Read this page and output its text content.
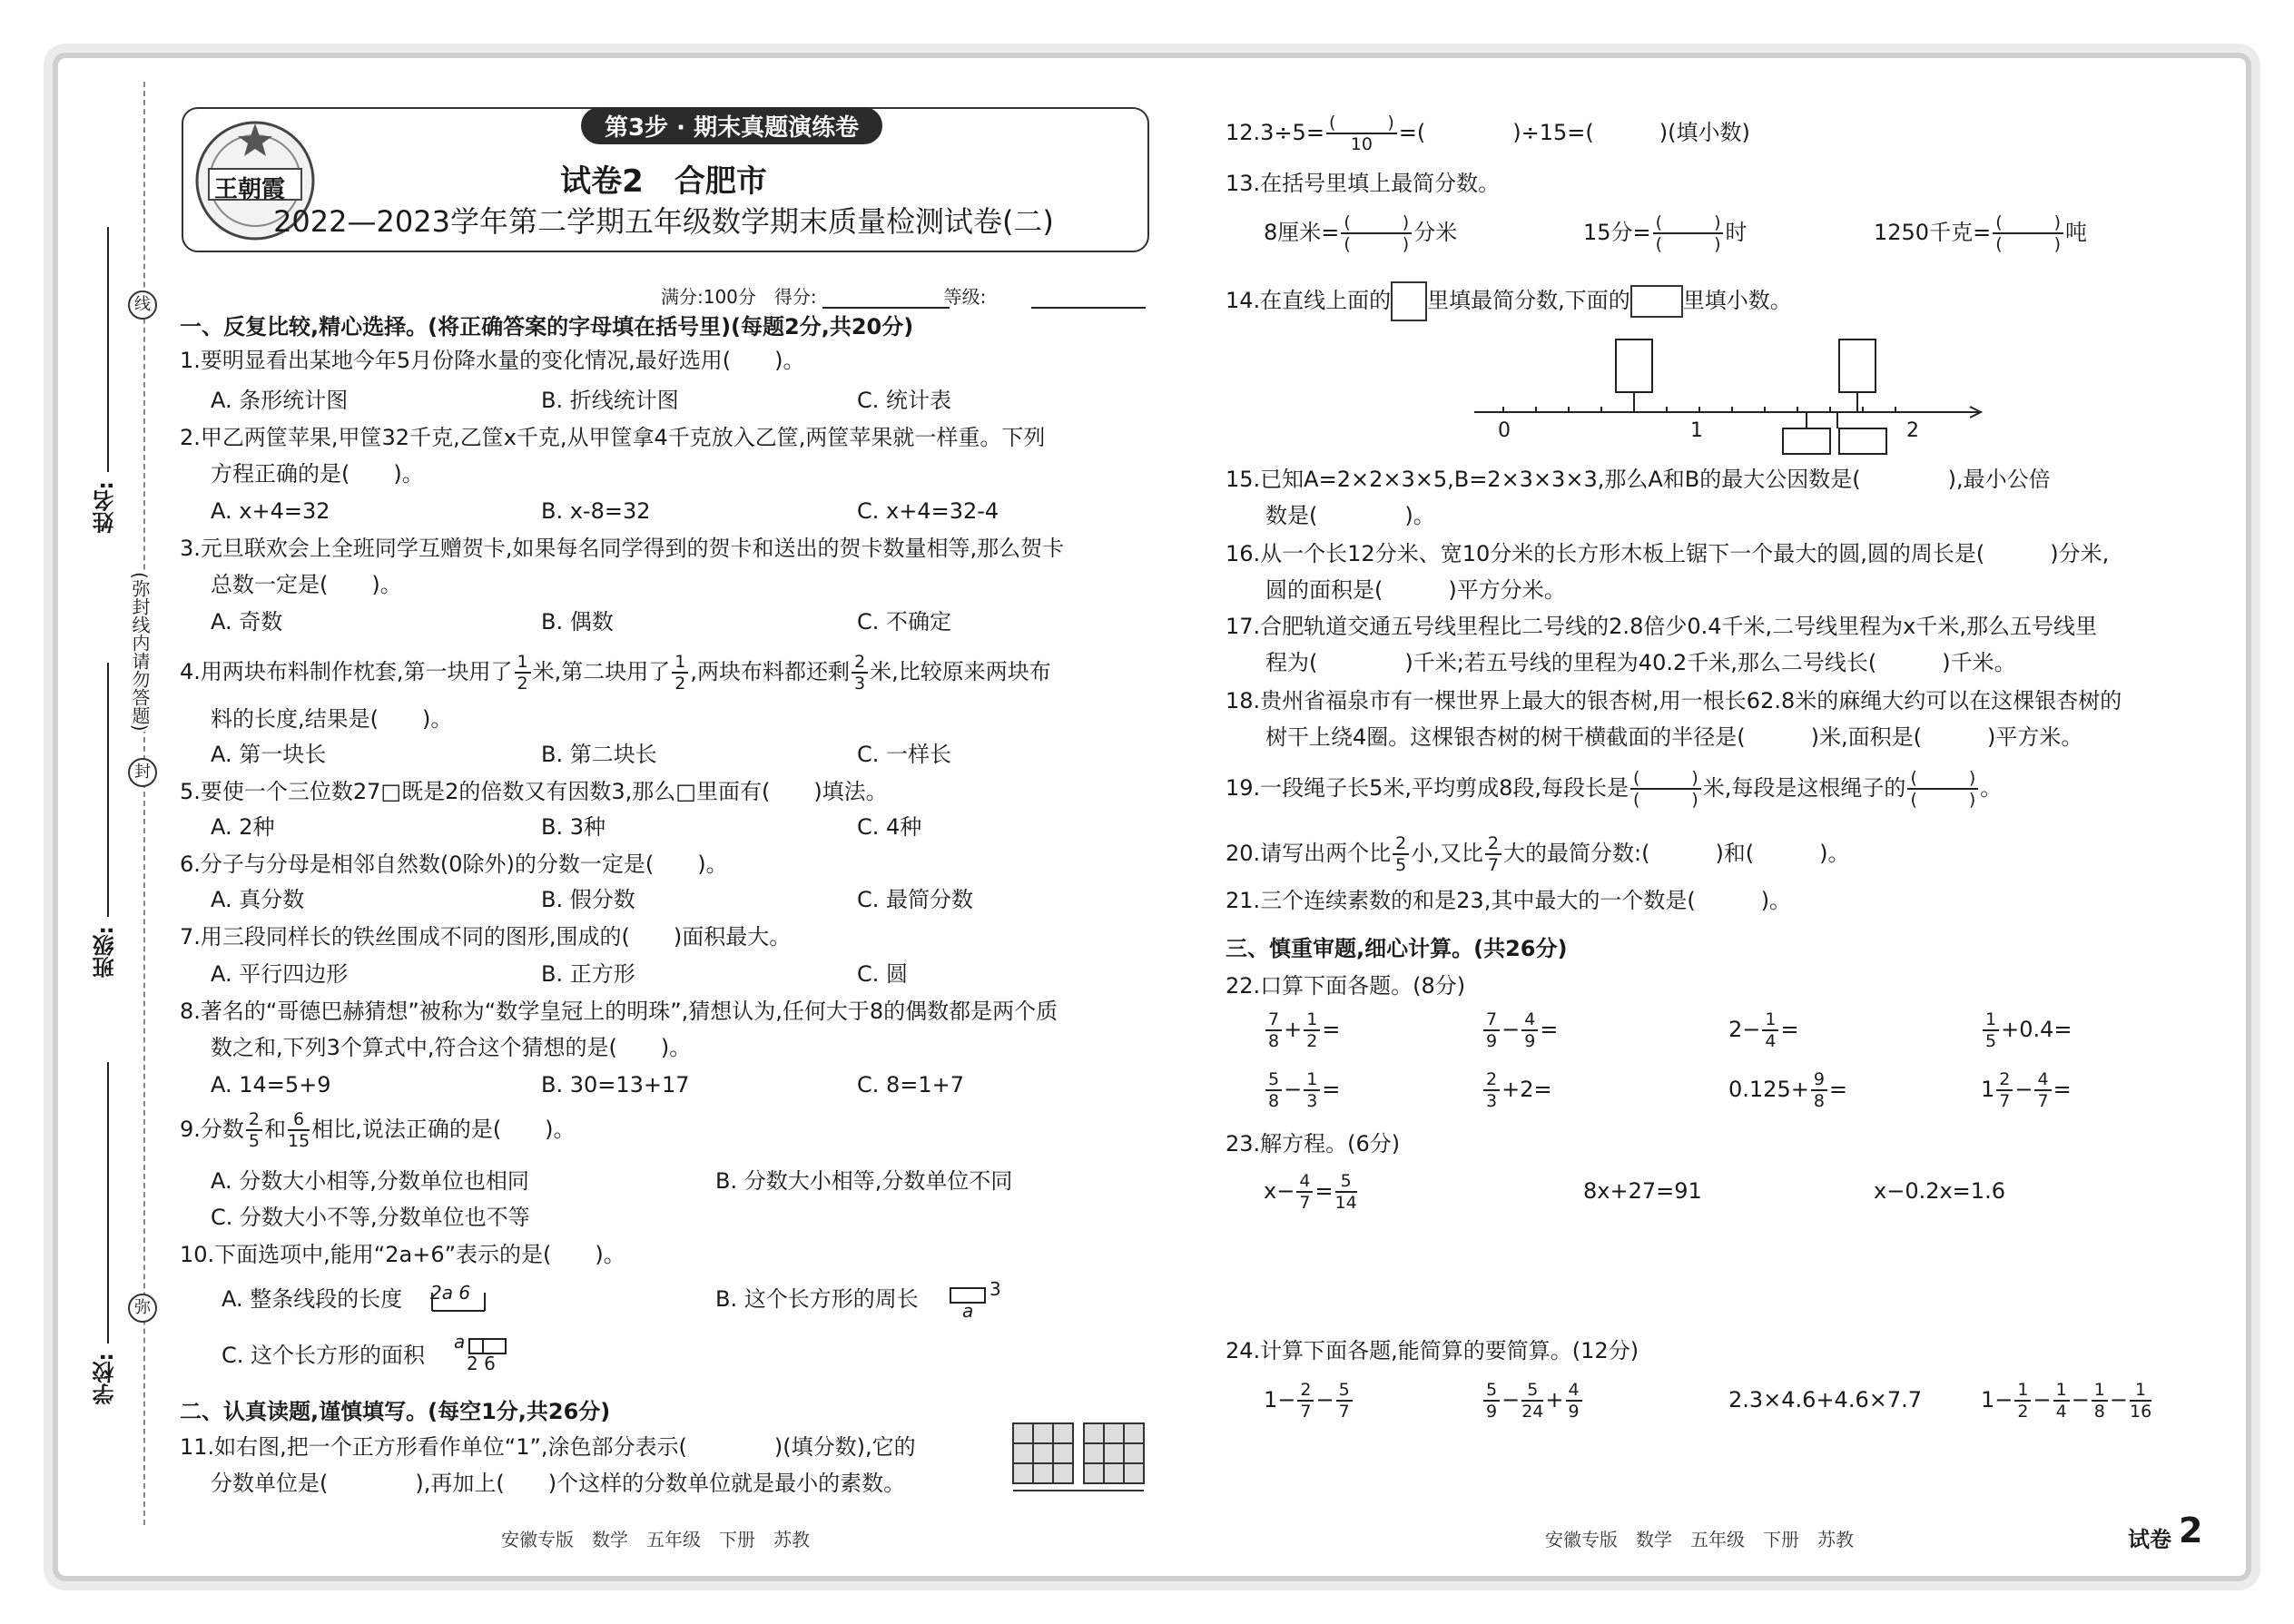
姓名:
班级:
学校:
线
封
弥
(弥封线内请勿答题)
王朝霞
第3步 · 期末真题演练卷
试卷2　合肥市
2022—2023学年第二学期五年级数学期末质量检测试卷(二)
满分:100分　得分:　　　　　　　等级:
一、反复比较,精心选择。(将正确答案的字母填在括号里)(每题2分,共20分)
1.要明显看出某地今年5月份降水量的变化情况,最好选用(　　)。
A. 条形统计图	B. 折线统计图	C. 统计表
2.甲乙两筐苹果,甲筐32千克,乙筐x千克,从甲筐拿4千克放入乙筐,两筐苹果就一样重。下列
方程正确的是(　　)。
A. x+4=32	B. x-8=32	C. x+4=32-4
3.元旦联欢会上全班同学互赠贺卡,如果每名同学得到的贺卡和送出的贺卡数量相等,那么贺卡
总数一定是(　　)。
A. 奇数	B. 偶数	C. 不确定
4.用两块布料制作枕套,第一块用了 $\frac{1}{2}$ 米,第二块用了 $\frac{1}{2}$ ,两块布料都还剩 $\frac{2}{3}$ 米,比较原来两块布
料的长度,结果是(　　)。
A. 第一块长	B. 第二块长	C. 一样长
5.要使一个三位数27□既是2的倍数又有因数3,那么□里面有(　　)填法。
A. 2种	B. 3种	C. 4种
6.分子与分母是相邻自然数(0除外)的分数一定是(　　)。
A. 真分数	B. 假分数	C. 最简分数
7.用三段同样长的铁丝围成不同的图形,围成的(　　)面积最大。
A. 平行四边形	B. 正方形	C. 圆
8.著名的“哥德巴赫猜想”被称为“数学皇冠上的明珠”,猜想认为,任何大于8的偶数都是两个质
数之和,下列3个算式中,符合这个猜想的是(　　)。
A. 14=5+9	B. 30=13+17	C. 8=1+7
9.分数 $\frac{2}{5}$ 和 $\frac{6}{15}$ 相比,说法正确的是(　　)。
A. 分数大小相等,分数单位也相同	B. 分数大小相等,分数单位不同
C. 分数大小不等,分数单位也不等
10.下面选项中,能用“2a+6”表示的是(　　)。
A. 整条线段的长度 2a 6	B. 这个长方形的周长	3
a
C. 这个长方形的面积
a
2 6
二、认真读题,谨慎填写。(每空1分,共26分)
11.如右图,把一个正方形看作单位“1”,涂色部分表示(　　　　)(填分数),它的
分数单位是(　　　　),再加上(　　)个这样的分数单位就是最小的素数。
安徽专版　数学　五年级　下册　苏教
$12.3\div 5= \frac{( )}{10}$ =(　　　　)÷15=(　　　)(填小数)
13.在括号里填上最简分数。
8厘米= $\frac{( )}{( )}$ 分米	15分= $\frac{( )}{( )}$ 时	1250千克= $\frac{( )}{( )}$ 吨
14.在直线上面的 里填最简分数,下面的 里填小数。
0	1	2
15.已知A=2×2×3×5,B=2×3×3×3,那么A和B的最大公因数是(　　　　),最小公倍
数是(　　　　)。
16.从一个长12分米、宽10分米的长方形木板上锯下一个最大的圆,圆的周长是(　　　)分米,
圆的面积是(　　　)平方分米。
17.合肥轨道交通五号线里程比二号线的2.8倍少0.4千米,二号线里程为x千米,那么五号线里
程为(　　　　)千米;若五号线的里程为40.2千米,那么二号线长(　　　)千米。
18.贵州省福泉市有一棵世界上最大的银杏树,用一根长62.8米的麻绳大约可以在这棵银杏树的
树干上绕4圈。这棵银杏树的树干横截面的半径是(　　　)米,面积是(　　　)平方米。
19.一段绳子长5米,平均剪成8段,每段长是 $\frac{( )}{( )}$ 米,每段是这根绳子的 $\frac{( )}{( )}$ 。
20.请写出两个比 $\frac{2}{5}$ 小,又比 $\frac{2}{7}$ 大的最简分数:(　　　)和(　　　)。
21.三个连续素数的和是23,其中最大的一个数是(　　　)。
三、慎重审题,细心计算。(共26分)
22.口算下面各题。(8分)
$\frac{7}{8} + \frac{1}{2}$ =	$\frac{7}{9} - \frac{4}{9}$ =	$2- \frac{1}{4}$ =	$\frac{1}{5} +0.4=$
$\frac{5}{8} - \frac{1}{3}$ =	$\frac{2}{3} +2=$	$0.125+ \frac{9}{8}$ =	$1 \frac{2}{7} - \frac{4}{7}$ =
23.解方程。(6分)
$x- \frac{4}{7} = \frac{5}{14}$	8x+27=91	x−0.2x=1.6
24.计算下面各题,能简算的要简算。(12分)
$1- \frac{2}{7} - \frac{5}{7}$	$\frac{5}{9} - \frac{5}{24} + \frac{4}{9}$	2.3×4.6+4.6×7.7	$1- \frac{1}{2} - \frac{1}{4} - \frac{1}{8} - \frac{1}{16}$
安徽专版　数学　五年级　下册　苏教	试卷 2
